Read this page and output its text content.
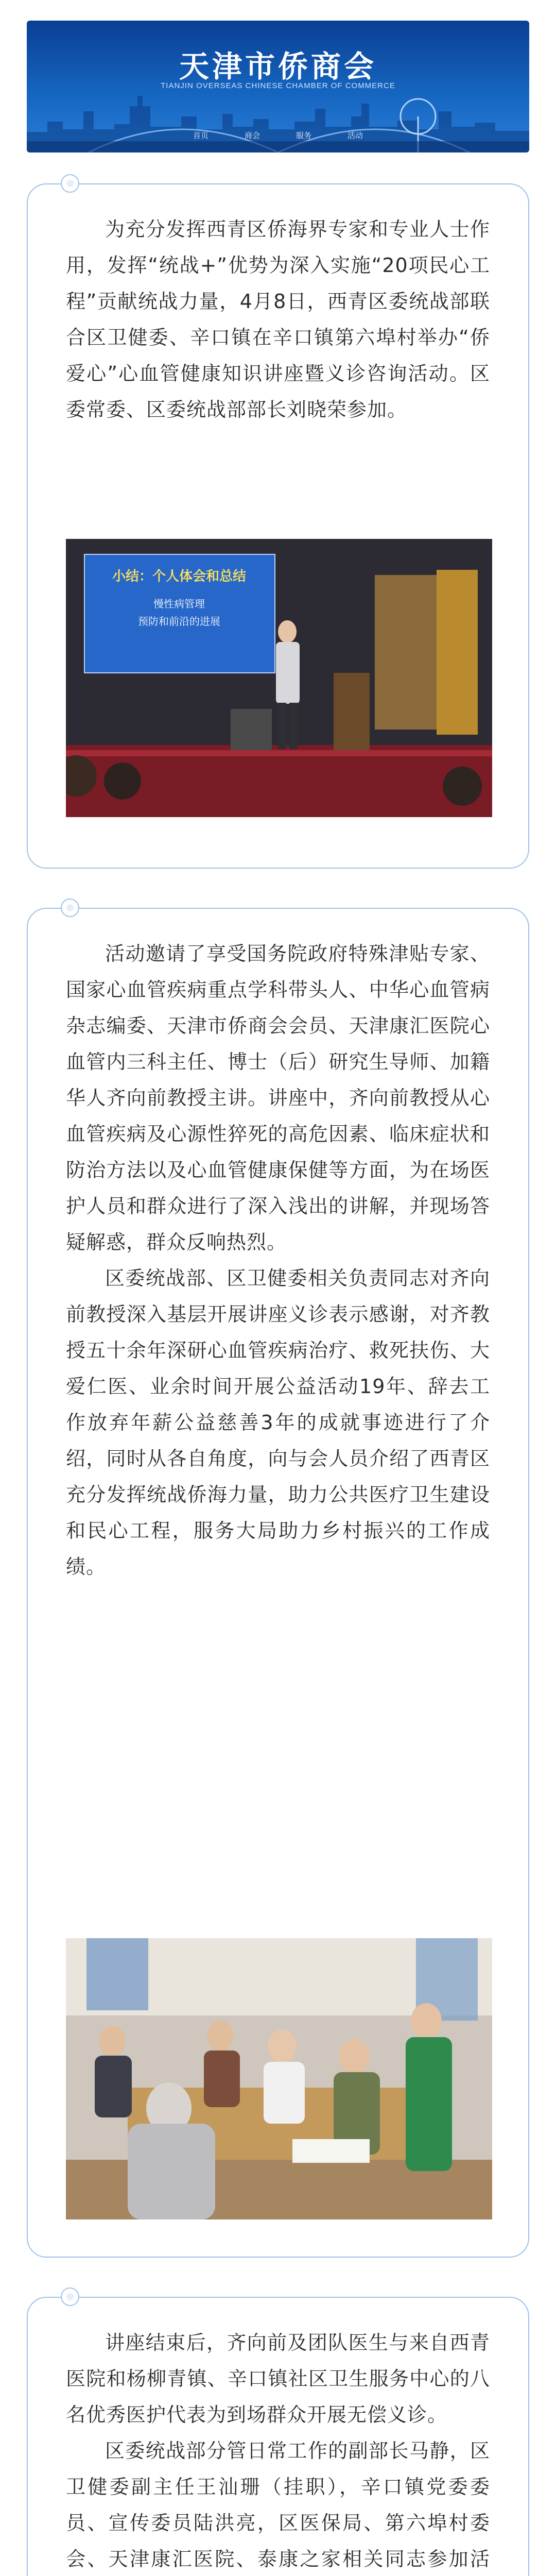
天津市侨商会
TIANJIN OVERSEAS CHINESE CHAMBER OF COMMERCE
首页	商会	服务	活动

为充分发挥西青区侨海界专家和专业人士作用，发挥“统战+”优势为深入实施“20项民心工程”贡献统战力量，4月8日，西青区委统战部联合区卫健委、辛口镇在辛口镇第六埠村举办“侨爱心”心血管健康知识讲座暨义诊咨询活动。区委常委、区委统战部部长刘晓荣参加。

小结：个人体会和总结
慢性病管理
预防和前沿的进展

活动邀请了享受国务院政府特殊津贴专家、国家心血管疾病重点学科带头人、中华心血管病杂志编委、天津市侨商会会员、天津康汇医院心血管内三科主任、博士（后）研究生导师、加籍华人齐向前教授主讲。讲座中，齐向前教授从心血管疾病及心源性猝死的高危因素、临床症状和防治方法以及心血管健康保健等方面，为在场医护人员和群众进行了深入浅出的讲解，并现场答疑解惑，群众反响热烈。

区委统战部、区卫健委相关负责同志对齐向前教授深入基层开展讲座义诊表示感谢，对齐教授五十余年深研心血管疾病治疗、救死扶伤、大爱仁医、业余时间开展公益活动19年、辞去工作放弃年薪公益慈善3年的成就事迹进行了介绍，同时从各自角度，向与会人员介绍了西青区充分发挥统战侨海力量，助力公共医疗卫生建设和民心工程，服务大局助力乡村振兴的工作成绩。

讲座结束后，齐向前及团队医生与来自西青医院和杨柳青镇、辛口镇社区卫生服务中心的八名优秀医护代表为到场群众开展无偿义诊。

区委统战部分管日常工作的副部长马静，区卫健委副主任王汕珊（挂职），辛口镇党委委员、宣传委员陆洪亮，区医保局、第六埠村委会、天津康汇医院、泰康之家相关同志参加活
